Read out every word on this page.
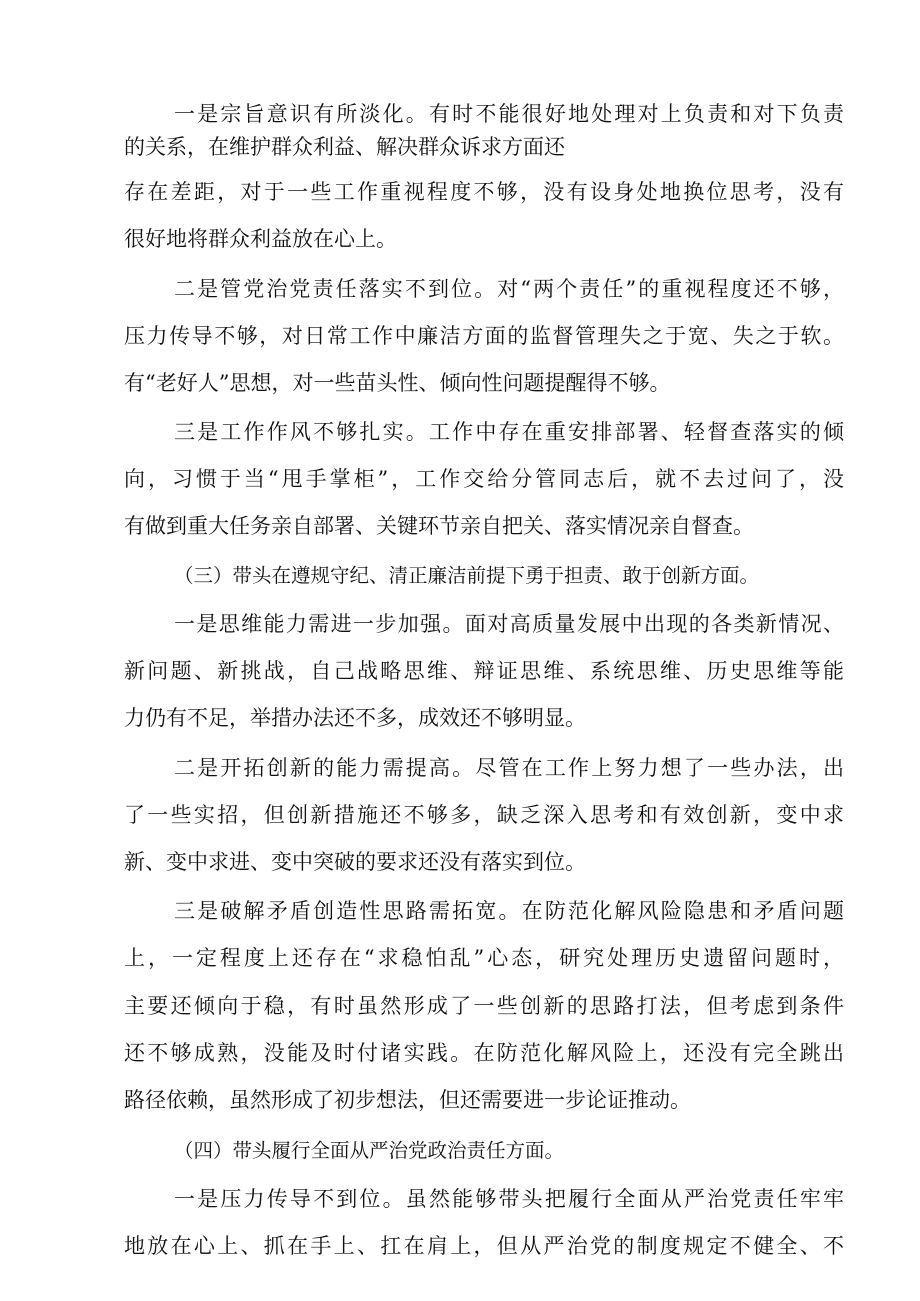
一是宗旨意识有所淡化。有时不能很好地处理对上负责和对下负责
的关系，在维护群众利益、解决群众诉求方面还
存在差距，对于一些工作重视程度不够，没有设身处地换位思考，没有
很好地将群众利益放在心上。
二是管党治党责任落实不到位。对“两个责任”的重视程度还不够，
压力传导不够，对日常工作中廉洁方面的监督管理失之于宽、失之于软。
有“老好人”思想，对一些苗头性、倾向性问题提醒得不够。
三是工作作风不够扎实。工作中存在重安排部署、轻督查落实的倾
向，习惯于当“甩手掌柜”，工作交给分管同志后，就不去过问了，没
有做到重大任务亲自部署、关键环节亲自把关、落实情况亲自督查。
（三）带头在遵规守纪、清正廉洁前提下勇于担责、敢于创新方面。
一是思维能力需进一步加强。面对高质量发展中出现的各类新情况、
新问题、新挑战，自己战略思维、辩证思维、系统思维、历史思维等能
力仍有不足，举措办法还不多，成效还不够明显。
二是开拓创新的能力需提高。尽管在工作上努力想了一些办法，出
了一些实招，但创新措施还不够多，缺乏深入思考和有效创新，变中求
新、变中求进、变中突破的要求还没有落实到位。
三是破解矛盾创造性思路需拓宽。在防范化解风险隐患和矛盾问题
上，一定程度上还存在“求稳怕乱”心态，研究处理历史遗留问题时，
主要还倾向于稳，有时虽然形成了一些创新的思路打法，但考虑到条件
还不够成熟，没能及时付诸实践。在防范化解风险上，还没有完全跳出
路径依赖，虽然形成了初步想法，但还需要进一步论证推动。
（四）带头履行全面从严治党政治责任方面。
一是压力传导不到位。虽然能够带头把履行全面从严治党责任牢牢
地放在心上、抓在手上、扛在肩上，但从严治党的制度规定不健全、不
